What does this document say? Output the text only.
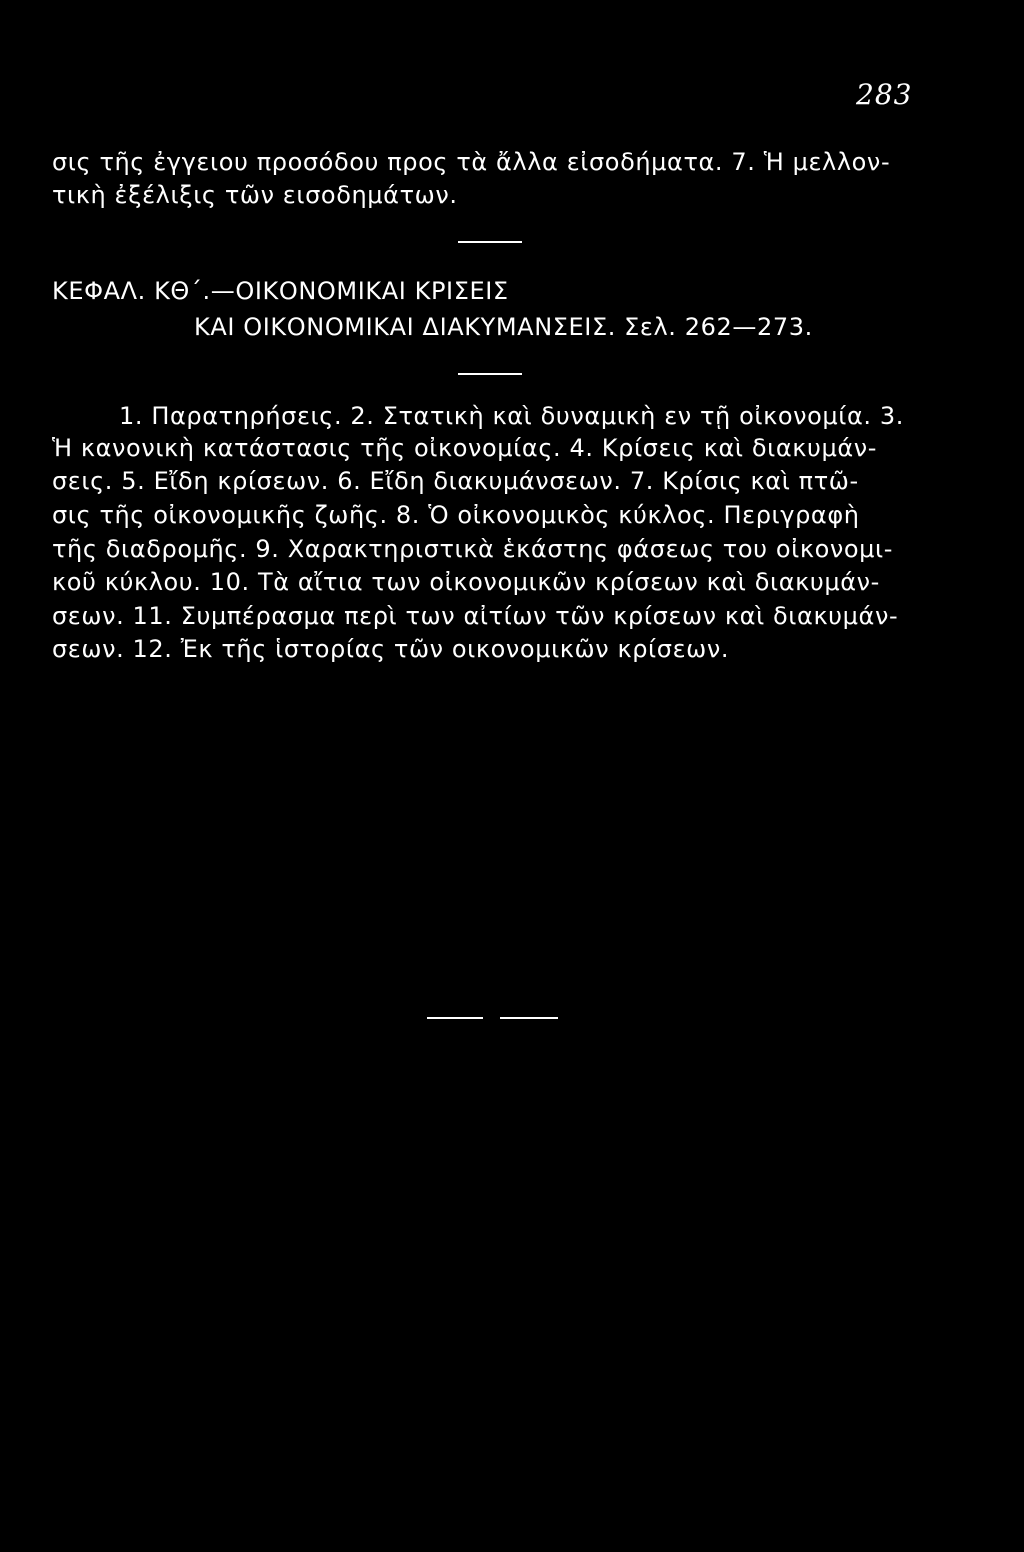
283
σις τῆς ἐγγειου προσόδου προς τὰ ἄλλα εἰσοδήματα. 7. Ἡ μελλον-
τικὴ ἐξέλιξις τῶν εισοδημάτων.
ΚΕΦΑΛ. ΚΘ΄.—ΟΙΚΟΝΟΜΙΚΑΙ ΚΡΙΣΕΙΣ
ΚΑΙ ΟΙΚΟΝΟΜΙΚΑΙ ΔΙΑΚΥΜΑΝΣΕΙΣ. Σελ. 262—273.
1. Παρατηρήσεις. 2. Στατικὴ καὶ δυναμικὴ εν τῇ οἰκονομία. 3.
Ἡ κανονικὴ κατάστασις τῆς οἰκονομίας. 4. Κρίσεις καὶ διακυμάν-
σεις. 5. Εἴδη κρίσεων. 6. Εἴδη διακυμάνσεων. 7. Κρίσις καὶ πτῶ-
σις τῆς οἰκονομικῆς ζωῆς. 8. Ὁ οἰκονομικὸς κύκλος. Περιγραφὴ
τῆς διαδρομῆς. 9. Χαρακτηριστικὰ ἑκάστης φάσεως του οἰκονομι-
κοῦ κύκλου. 10. Τὰ αἴτια των οἰκονομικῶν κρίσεων καὶ διακυμάν-
σεων. 11. Συμπέρασμα περὶ των αἰτίων τῶν κρίσεων καὶ διακυμάν-
σεων. 12. Ἐκ τῆς ἱστορίας τῶν οικονομικῶν κρίσεων.
